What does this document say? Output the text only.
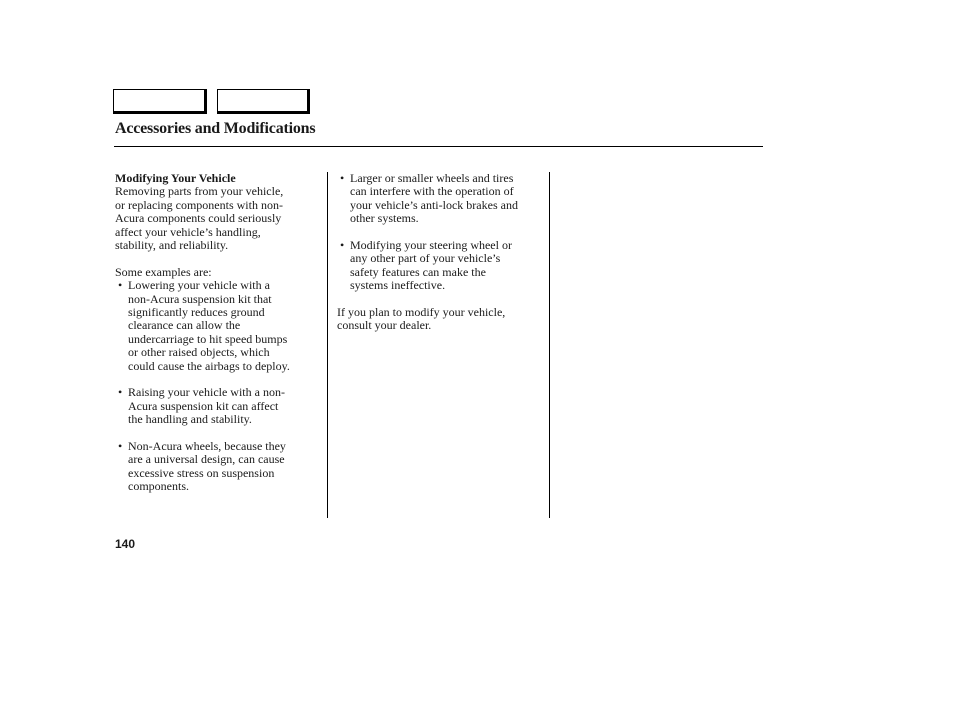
Accessories and Modifications
Modifying Your Vehicle
Removing parts from your vehicle,
or replacing components with non-
Acura components could seriously
affect your vehicle’s handling,
stability, and reliability.
Some examples are:
• Lowering your vehicle with a
non-Acura suspension kit that
significantly reduces ground
clearance can allow the
undercarriage to hit speed bumps
or other raised objects, which
could cause the airbags to deploy.
• Raising your vehicle with a non-
Acura suspension kit can affect
the handling and stability.
• Non-Acura wheels, because they
are a universal design, can cause
excessive stress on suspension
components.
• Larger or smaller wheels and tires
can interfere with the operation of
your vehicle’s anti-lock brakes and
other systems.
• Modifying your steering wheel or
any other part of your vehicle’s
safety features can make the
systems ineffective.
If you plan to modify your vehicle,
consult your dealer.
140
